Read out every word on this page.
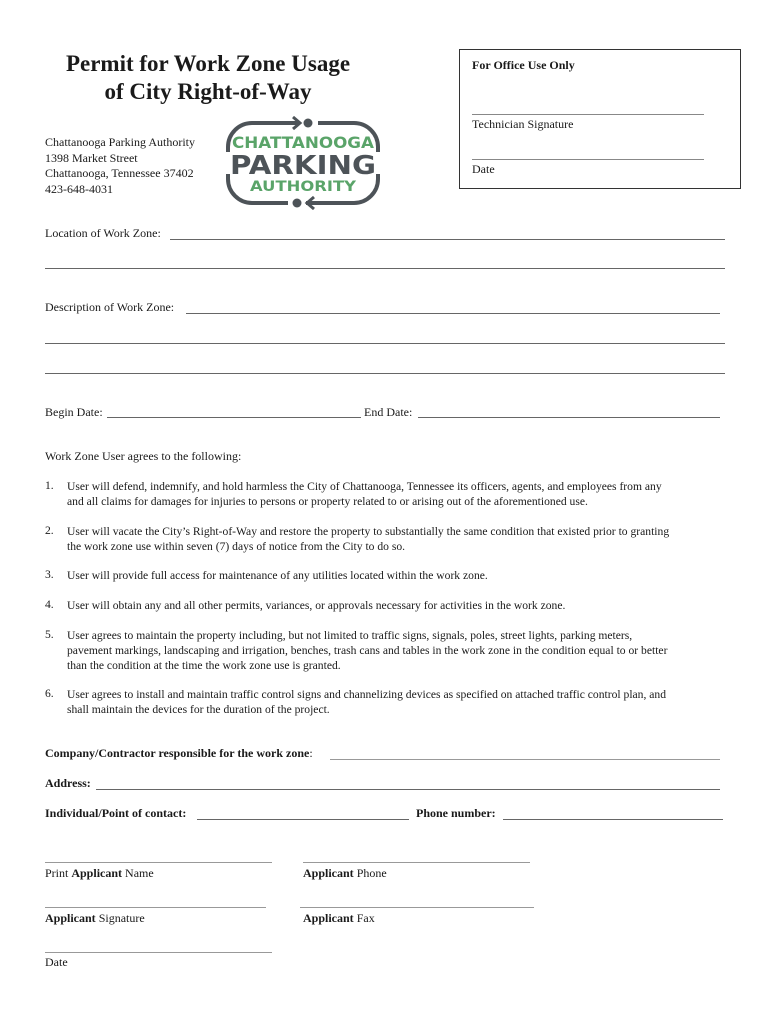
Permit for Work Zone Usage
of City Right-of-Way
Chattanooga Parking Authority
1398 Market Street
Chattanooga, Tennessee 37402
423-648-4031
CHATTANOOGA
PARKING
AUTHORITY
For Office Use Only
Technician Signature
Date
Location of Work Zone:
Description of Work Zone:
Begin Date:	End Date:
Work Zone User agrees to the following:
1. User will defend, indemnify, and hold harmless the City of Chattanooga, Tennessee its officers, agents, and employees from any
and all claims for damages for injuries to persons or property related to or arising out of the aforementioned use.
2. User will vacate the City’s Right-of-Way and restore the property to substantially the same condition that existed prior to granting
the work zone use within seven (7) days of notice from the City to do so.
3. User will provide full access for maintenance of any utilities located within the work zone.
4. User will obtain any and all other permits, variances, or approvals necessary for activities in the work zone.
5. User agrees to maintain the property including, but not limited to traffic signs, signals, poles, street lights, parking meters,
pavement markings, landscaping and irrigation, benches, trash cans and tables in the work zone in the condition equal to or better
than the condition at the time the work zone use is granted.
6. User agrees to install and maintain traffic control signs and channelizing devices as specified on attached traffic control plan, and
shall maintain the devices for the duration of the project.
Company/Contractor responsible for the work zone:
Address:
Individual/Point of contact:	Phone number:
Print Applicant Name	Applicant Phone
Applicant Signature	Applicant Fax
Date
